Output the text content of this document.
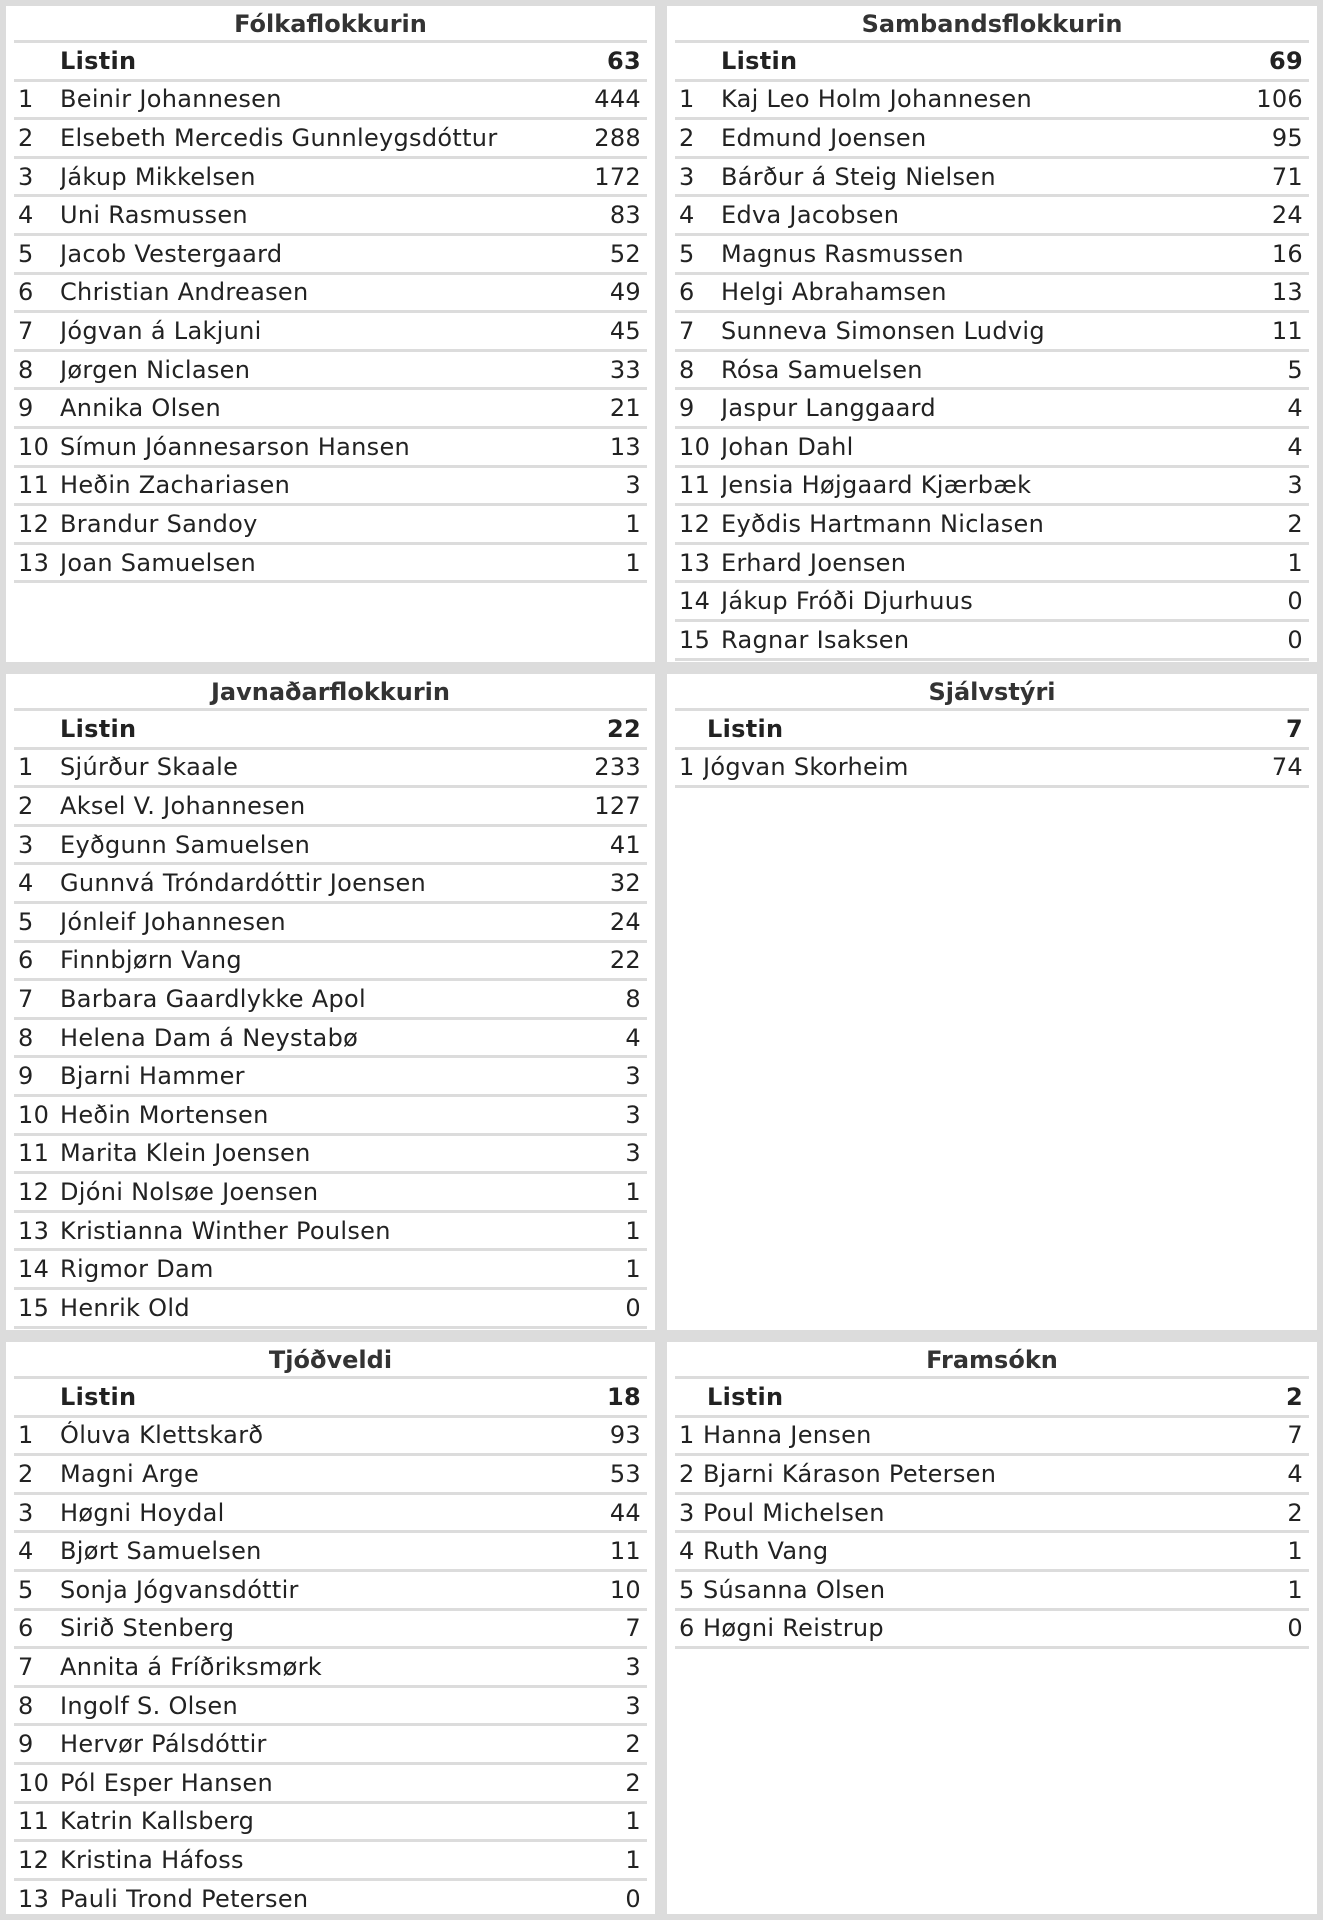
Fólkaflokkurin
Listin	63
1	Beinir Johannesen	444
2	Elsebeth Mercedis Gunnleygsdóttur	288
3	Jákup Mikkelsen	172
4	Uni Rasmussen	83
5	Jacob Vestergaard	52
6	Christian Andreasen	49
7	Jógvan á Lakjuni	45
8	Jørgen Niclasen	33
9	Annika Olsen	21
10 Símun Jóannesarson Hansen	13
11 Heðin Zachariasen	3
12 Brandur Sandoy	1
13 Joan Samuelsen	1
Sambandsflokkurin
Listin	69
1	Kaj Leo Holm Johannesen	106
2	Edmund Joensen	95
3	Bárður á Steig Nielsen	71
4	Edva Jacobsen	24
5	Magnus Rasmussen	16
6	Helgi Abrahamsen	13
7	Sunneva Simonsen Ludvig	11
8	Rósa Samuelsen	5
9	Jaspur Langgaard	4
10 Johan Dahl	4
11 Jensia Højgaard Kjærbæk	3
12 Eyðdis Hartmann Niclasen	2
13 Erhard Joensen	1
14 Jákup Fróði Djurhuus	0
15 Ragnar Isaksen	0
Javnaðarflokkurin
Listin	22
1	Sjúrður Skaale	233
2	Aksel V. Johannesen	127
3	Eyðgunn Samuelsen	41
4	Gunnvá Tróndardóttir Joensen	32
5	Jónleif Johannesen	24
6	Finnbjørn Vang	22
7	Barbara Gaardlykke Apol	8
8	Helena Dam á Neystabø	4
9	Bjarni Hammer	3
10 Heðin Mortensen	3
11 Marita Klein Joensen	3
12 Djóni Nolsøe Joensen	1
13 Kristianna Winther Poulsen	1
14 Rigmor Dam	1
15 Henrik Old	0
Sjálvstýri
Listin	7
1 Jógvan Skorheim	74
Tjóðveldi
Listin	18
1	Óluva Klettskarð	93
2	Magni Arge	53
3	Høgni Hoydal	44
4	Bjørt Samuelsen	11
5	Sonja Jógvansdóttir	10
6	Sirið Stenberg	7
7	Annita á Fríðriksmørk	3
8	Ingolf S. Olsen	3
9	Hervør Pálsdóttir	2
10 Pól Esper Hansen	2
11 Katrin Kallsberg	1
12 Kristina Háfoss	1
13 Pauli Trond Petersen	0
Framsókn
Listin	2
1 Hanna Jensen	7
2 Bjarni Kárason Petersen	4
3 Poul Michelsen	2
4 Ruth Vang	1
5 Súsanna Olsen	1
6 Høgni Reistrup	0
